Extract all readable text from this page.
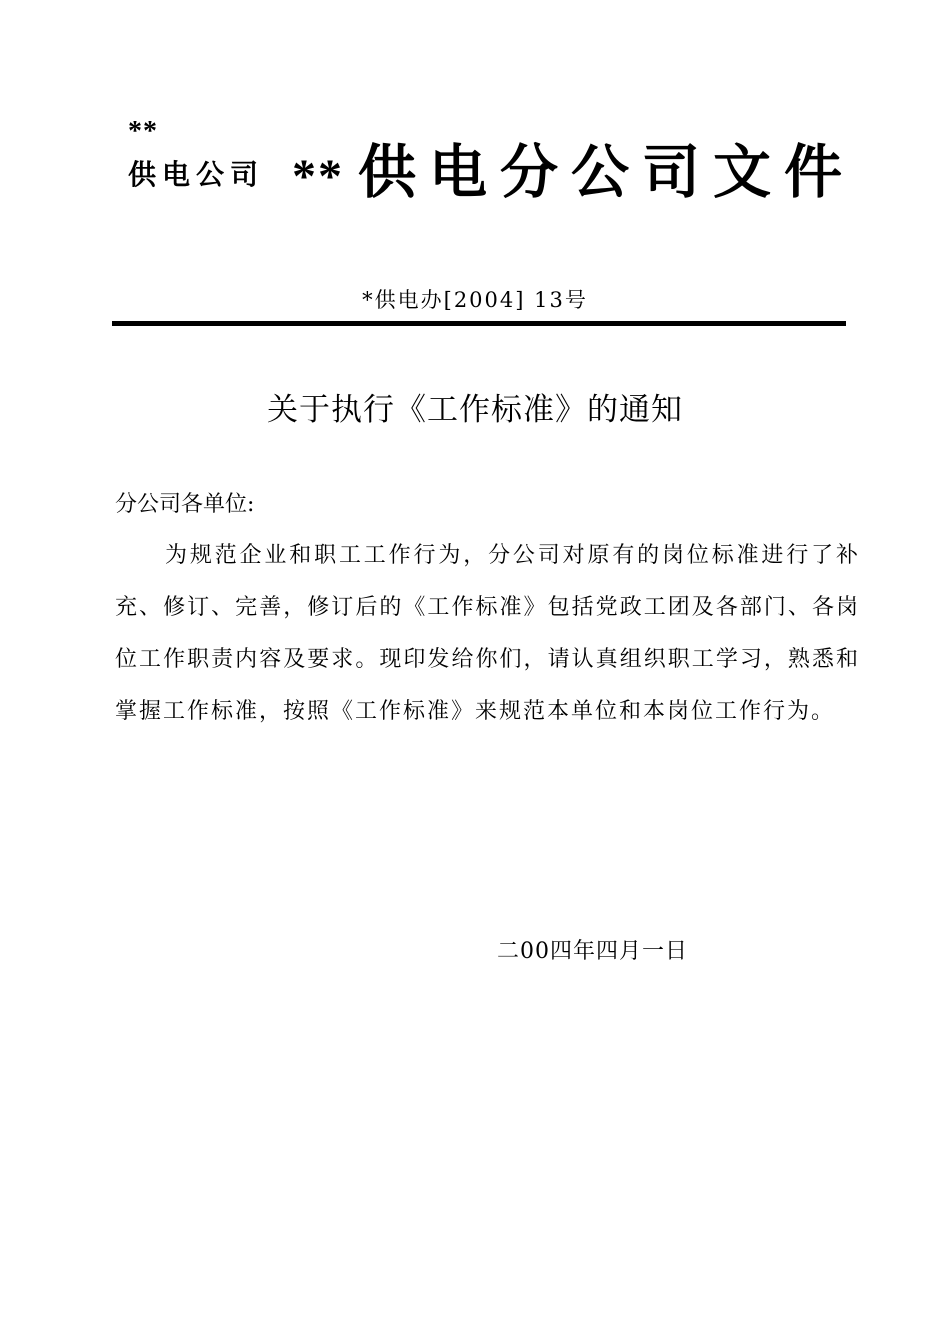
**
供电公司 ** 供电分公司文件
*供电办[2004] 13号
关于执行《工作标准》的通知
分公司各单位:
为规范企业和职工工作行为，分公司对原有的岗位标准进行了补充、修订、完善，修订后的《工作标准》包括党政工团及各部门、各岗位工作职责内容及要求。现印发给你们，请认真组织职工学习，熟悉和掌握工作标准，按照《工作标准》来规范本单位和本岗位工作行为。
二00四年四月一日
